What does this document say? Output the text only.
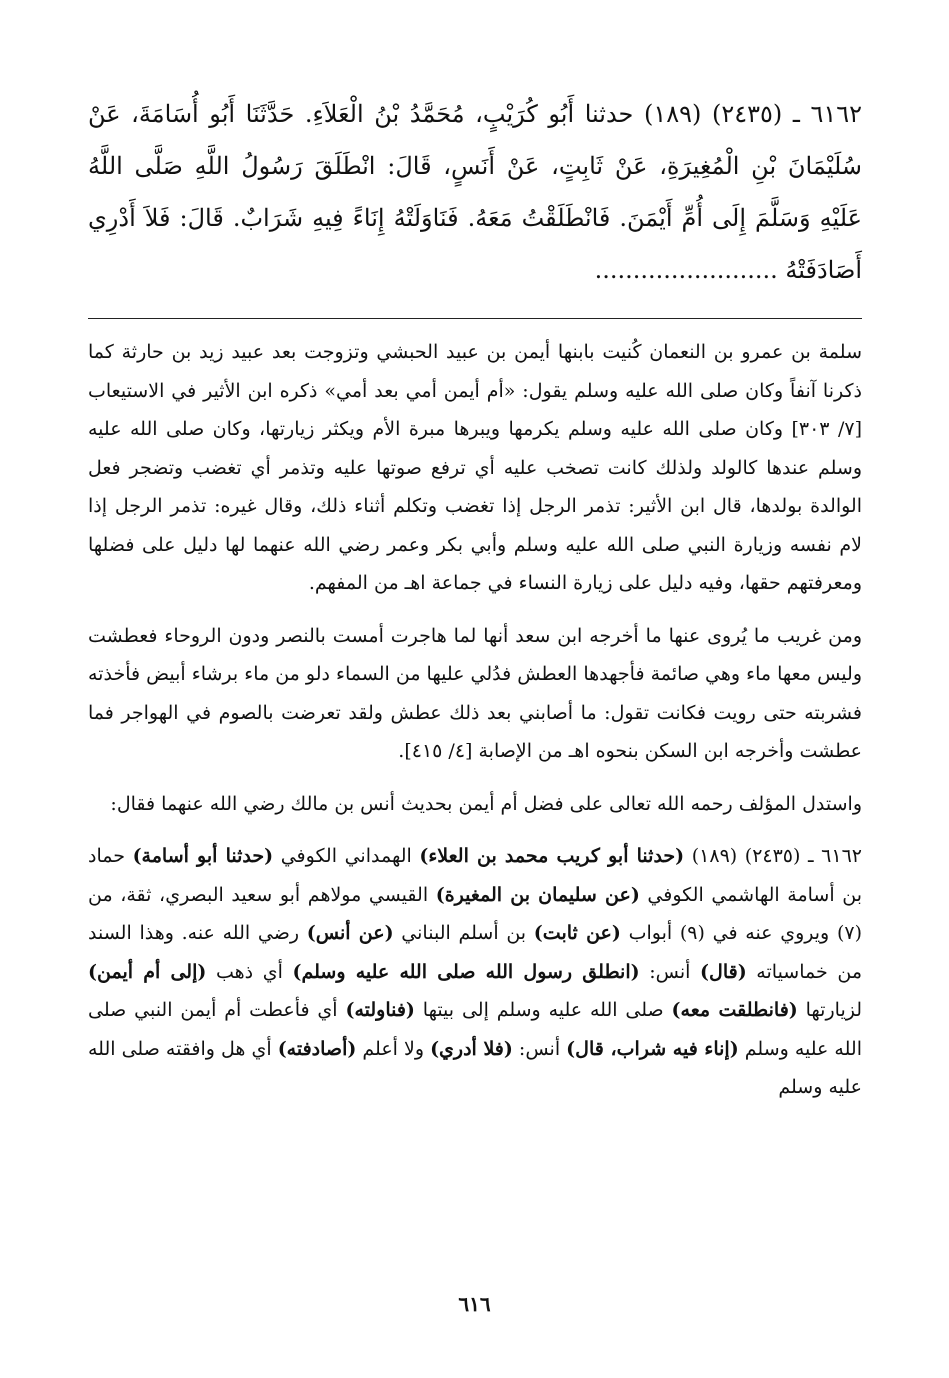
٦١٦٢ ـ (٢٤٣٥) (١٨٩) حدثنا أَبُو كُرَيْبٍ، مُحَمَّدُ بْنُ الْعَلاَءِ. حَدَّثَنَا أَبُو أُسَامَةَ، عَنْ سُلَيْمَانَ بْنِ الْمُغِيرَةِ، عَنْ ثَابِتٍ، عَنْ أَنَسٍ، قَالَ: انْطَلَقَ رَسُولُ اللَّهِ صَلَّى اللَّهُ عَلَيْهِ وَسَلَّمَ إِلَى أُمِّ أَيْمَنَ. فَانْطَلَقْتُ مَعَهُ. فَنَاوَلَتْهُ إِنَاءً فِيهِ شَرَابٌ. قَالَ: فَلاَ أَدْرِي أَصَادَفَتْهُ ........................

سلمة بن عمرو بن النعمان كُنيت بابنها أيمن بن عبيد الحبشي وتزوجت بعد عبيد زيد بن حارثة كما ذكرنا آنفاً وكان صلى الله عليه وسلم يقول: «أم أيمن أمي بعد أمي» ذكره ابن الأثير في الاستيعاب [٧/ ٣٠٣] وكان صلى الله عليه وسلم يكرمها ويبرها مبرة الأم ويكثر زيارتها، وكان صلى الله عليه وسلم عندها كالولد ولذلك كانت تصخب عليه أي ترفع صوتها عليه وتذمر أي تغضب وتضجر فعل الوالدة بولدها، قال ابن الأثير: تذمر الرجل إذا تغضب وتكلم أثناء ذلك، وقال غيره: تذمر الرجل إذا لام نفسه وزيارة النبي صلى الله عليه وسلم وأبي بكر وعمر رضي الله عنهما لها دليل على فضلها ومعرفتهم حقها، وفيه دليل على زيارة النساء في جماعة اهـ من المفهم.

ومن غريب ما يُروى عنها ما أخرجه ابن سعد أنها لما هاجرت أمست بالنصر ودون الروحاء فعطشت وليس معها ماء وهي صائمة فأجهدها العطش فدُلي عليها من السماء دلو من ماء برشاء أبيض فأخذته فشربته حتى رويت فكانت تقول: ما أصابني بعد ذلك عطش ولقد تعرضت بالصوم في الهواجر فما عطشت وأخرجه ابن السكن بنحوه اهـ من الإصابة [٤/ ٤١٥].

واستدل المؤلف رحمه الله تعالى على فضل أم أيمن بحديث أنس بن مالك رضي الله عنهما فقال:

٦١٦٢ ـ (٢٤٣٥) (١٨٩) (حدثنا أبو كريب محمد بن العلاء) الهمداني الكوفي (حدثنا أبو أسامة) حماد بن أسامة الهاشمي الكوفي (عن سليمان بن المغيرة) القيسي مولاهم أبو سعيد البصري، ثقة، من (٧) ويروي عنه في (٩) أبواب (عن ثابت) بن أسلم البناني (عن أنس) رضي الله عنه. وهذا السند من خماسياته (قال) أنس: (انطلق رسول الله صلى الله عليه وسلم) أي ذهب (إلى أم أيمن) لزيارتها (فانطلقت معه) صلى الله عليه وسلم إلى بيتها (فناولته) أي فأعطت أم أيمن النبي صلى الله عليه وسلم (إناء فيه شراب، قال) أنس: (فلا أدري) ولا أعلم (أصادفته) أي هل وافقته صلى الله عليه وسلم

٦١٦
